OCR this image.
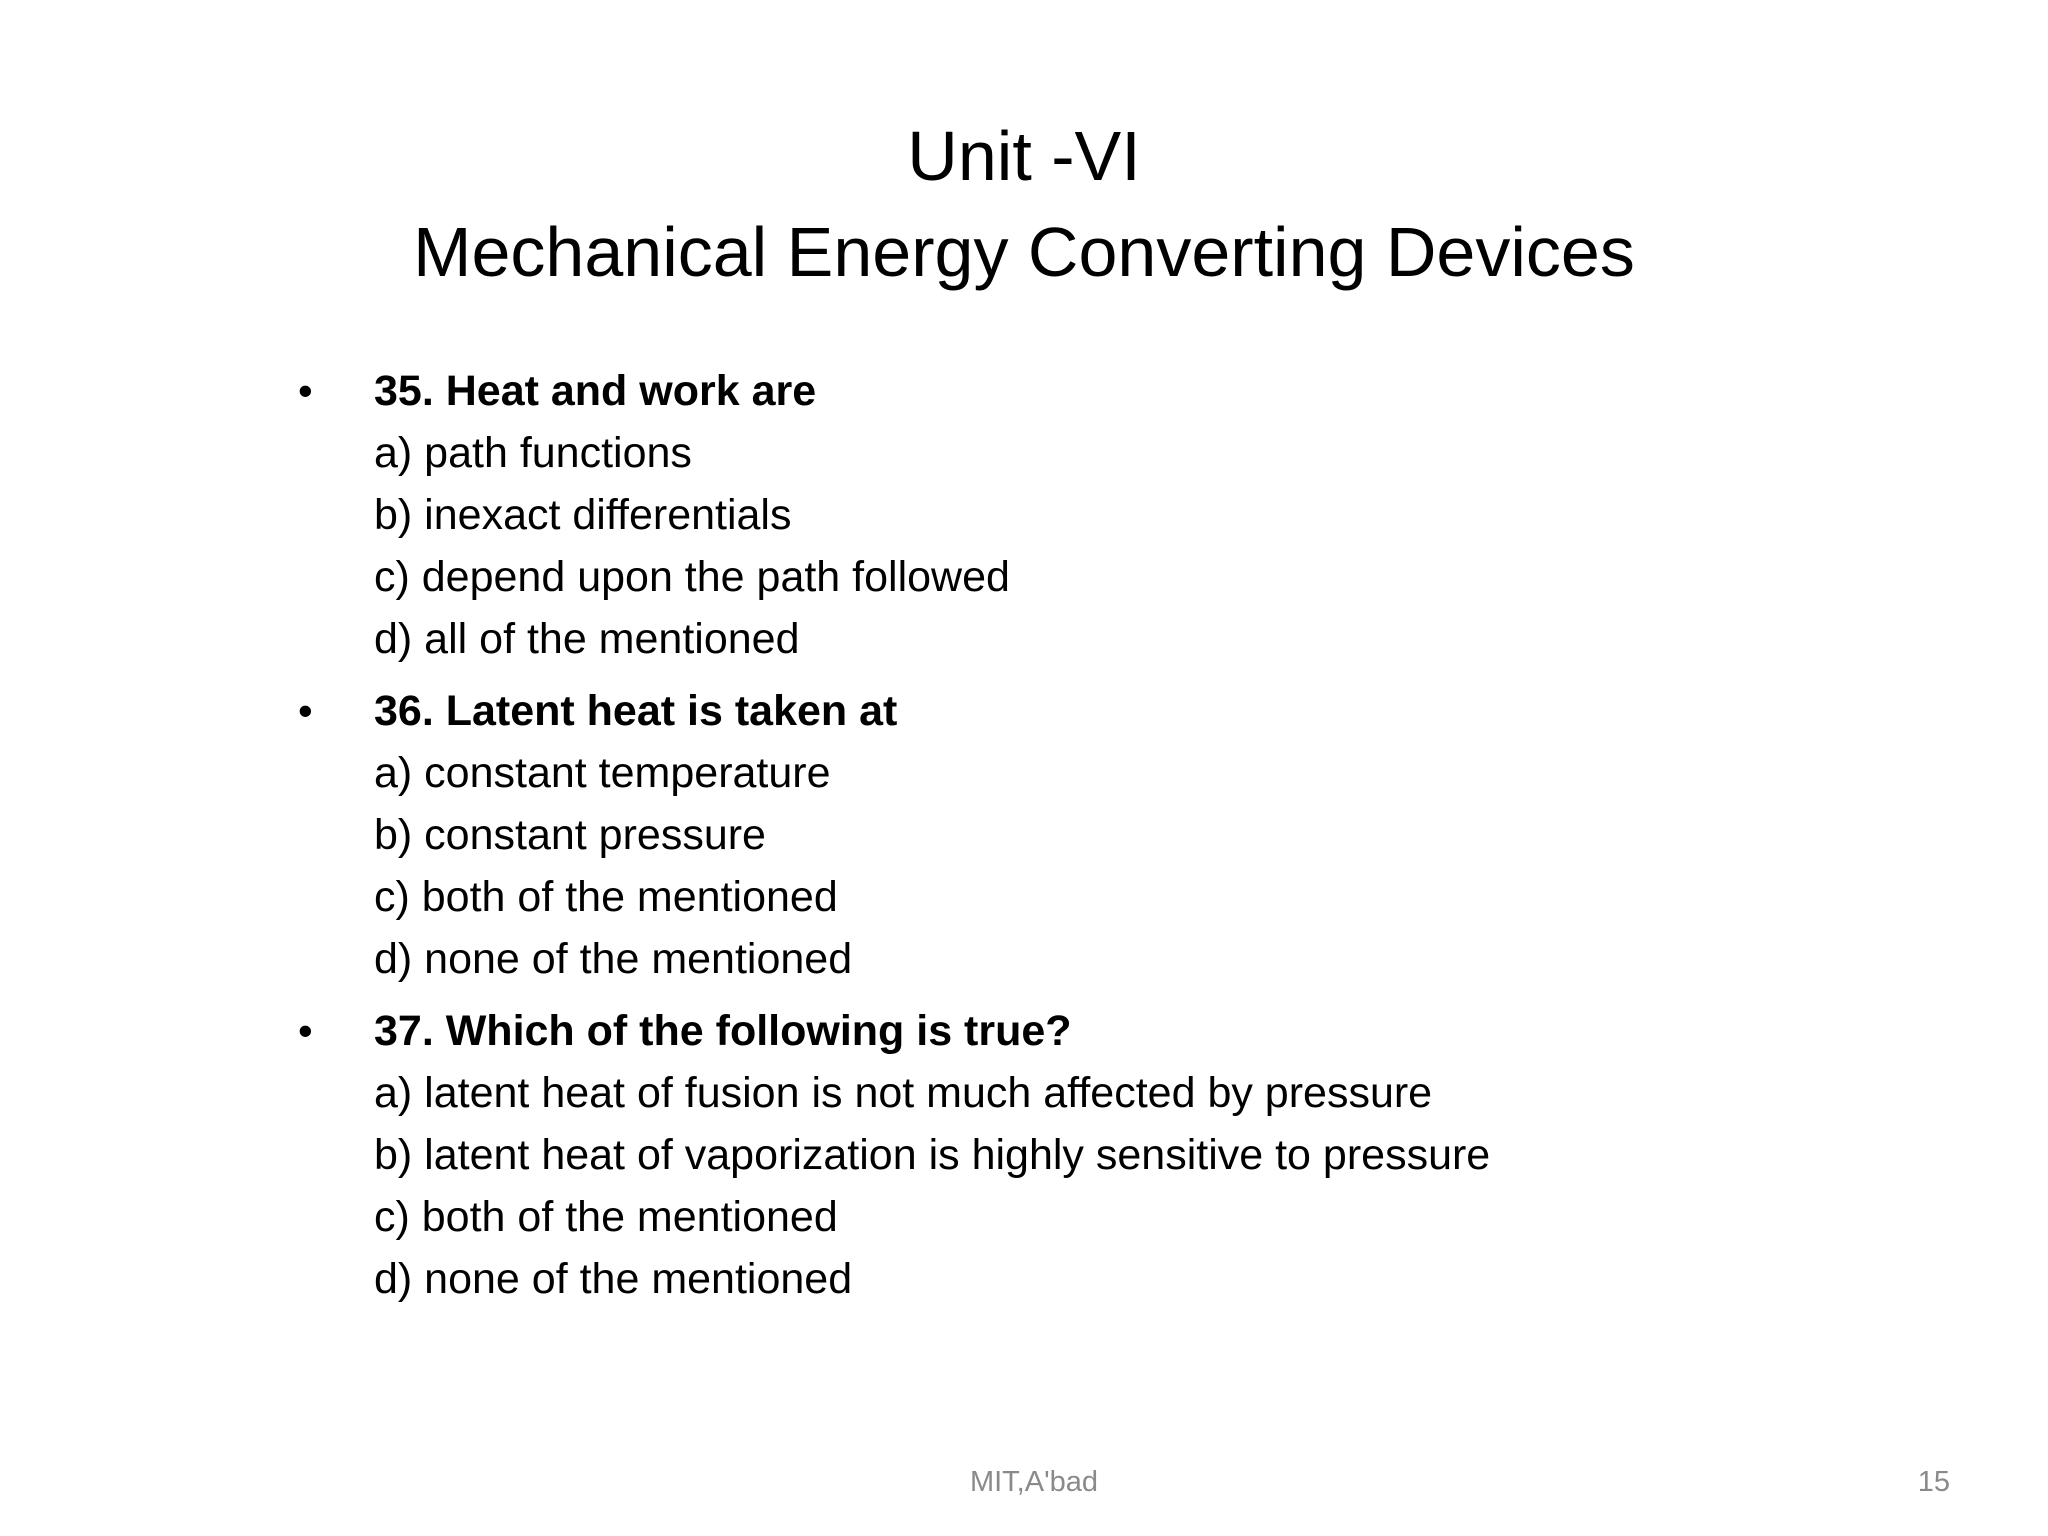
Unit -VI
Mechanical Energy Converting Devices
• 35. Heat and work are
a) path functions
b) inexact differentials
c) depend upon the path followed
d) all of the mentioned
• 36. Latent heat is taken at
a) constant temperature
b) constant pressure
c) both of the mentioned
d) none of the mentioned
• 37. Which of the following is true?
a) latent heat of fusion is not much affected by pressure
b) latent heat of vaporization is highly sensitive to pressure
c) both of the mentioned
d) none of the mentioned
MIT,A'bad	15
